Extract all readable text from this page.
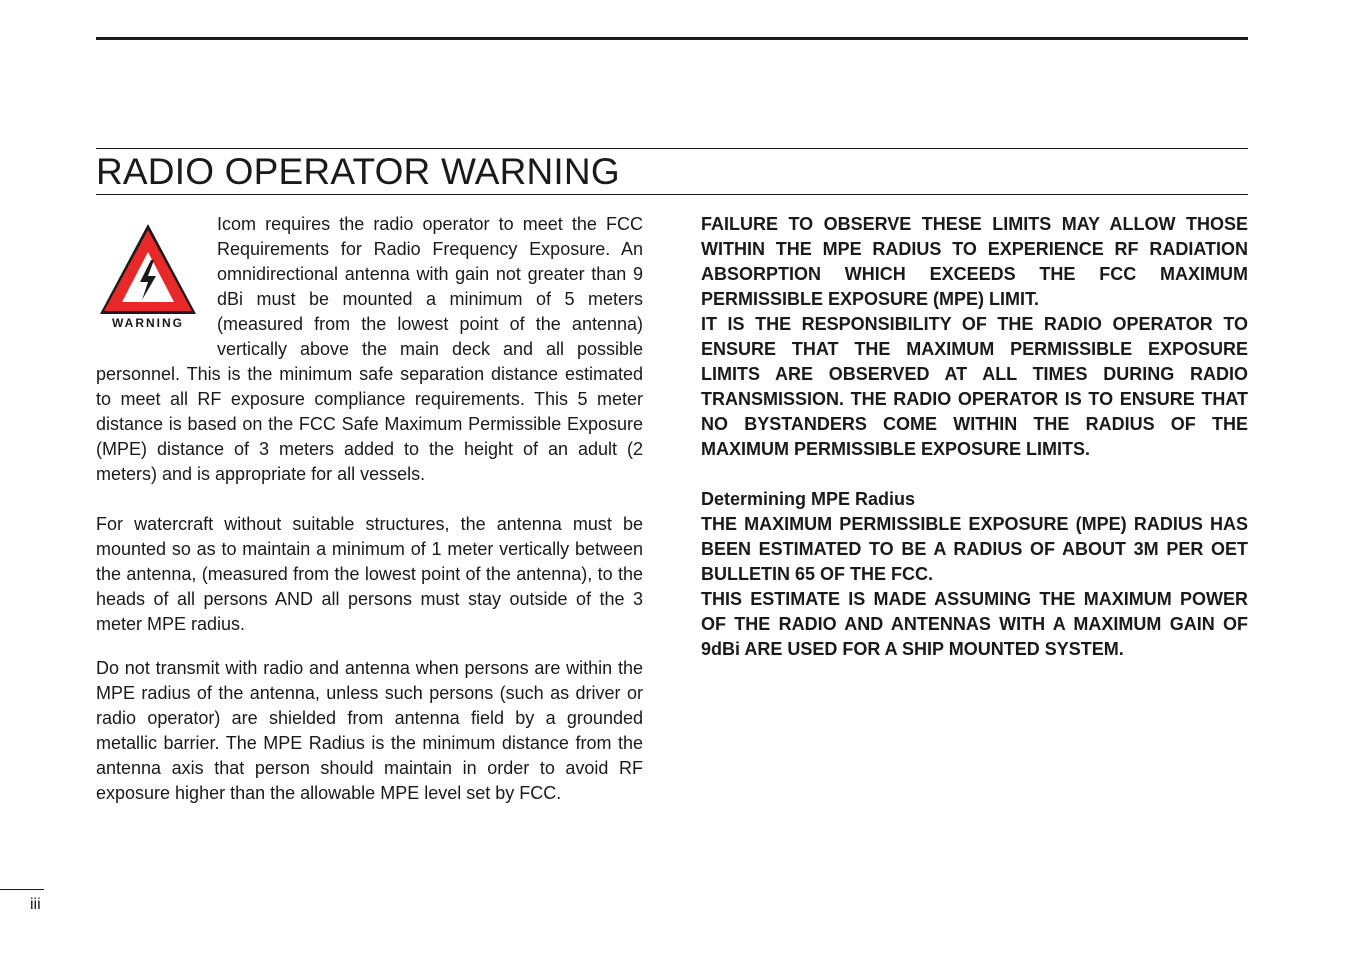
RADIO OPERATOR WARNING
WARNING

Icom requires the radio operator to meet the FCC Requirements for Radio Frequency Exposure. An omnidirectional antenna with gain not greater than 9 dBi must be mounted a minimum of 5 meters (measured from the lowest point of the antenna) vertically above the main deck and all possible personnel. This is the minimum safe separation distance estimated to meet all RF exposure compliance requirements. This 5 meter distance is based on the FCC Safe Maximum Permissible Exposure (MPE) distance of 3 meters added to the height of an adult (2 meters) and is appropriate for all vessels.

For watercraft without suitable structures, the antenna must be mounted so as to maintain a minimum of 1 meter vertically between the antenna, (measured from the lowest point of the antenna), to the heads of all persons AND all persons must stay outside of the 3 meter MPE radius.

Do not transmit with radio and antenna when persons are within the MPE radius of the antenna, unless such persons (such as driver or radio operator) are shielded from antenna field by a grounded metallic barrier. The MPE Radius is the minimum distance from the antenna axis that person should maintain in order to avoid RF exposure higher than the allowable MPE level set by FCC.

FAILURE TO OBSERVE THESE LIMITS MAY ALLOW THOSE WITHIN THE MPE RADIUS TO EXPERIENCE RF RADIATION ABSORPTION WHICH EXCEEDS THE FCC MAXIMUM PERMISSIBLE EXPOSURE (MPE) LIMIT.

IT IS THE RESPONSIBILITY OF THE RADIO OPERATOR TO ENSURE THAT THE MAXIMUM PERMISSIBLE EXPOSURE LIMITS ARE OBSERVED AT ALL TIMES DURING RADIO TRANSMISSION. THE RADIO OPERATOR IS TO ENSURE THAT NO BYSTANDERS COME WITHIN THE RADIUS OF THE MAXIMUM PERMISSIBLE EXPOSURE LIMITS.

Determining MPE Radius

THE MAXIMUM PERMISSIBLE EXPOSURE (MPE) RADIUS HAS BEEN ESTIMATED TO BE A RADIUS OF ABOUT 3M PER OET BULLETIN 65 OF THE FCC.

THIS ESTIMATE IS MADE ASSUMING THE MAXIMUM POWER OF THE RADIO AND ANTENNAS WITH A MAXIMUM GAIN OF 9dBi ARE USED FOR A SHIP MOUNTED SYSTEM.

iii
